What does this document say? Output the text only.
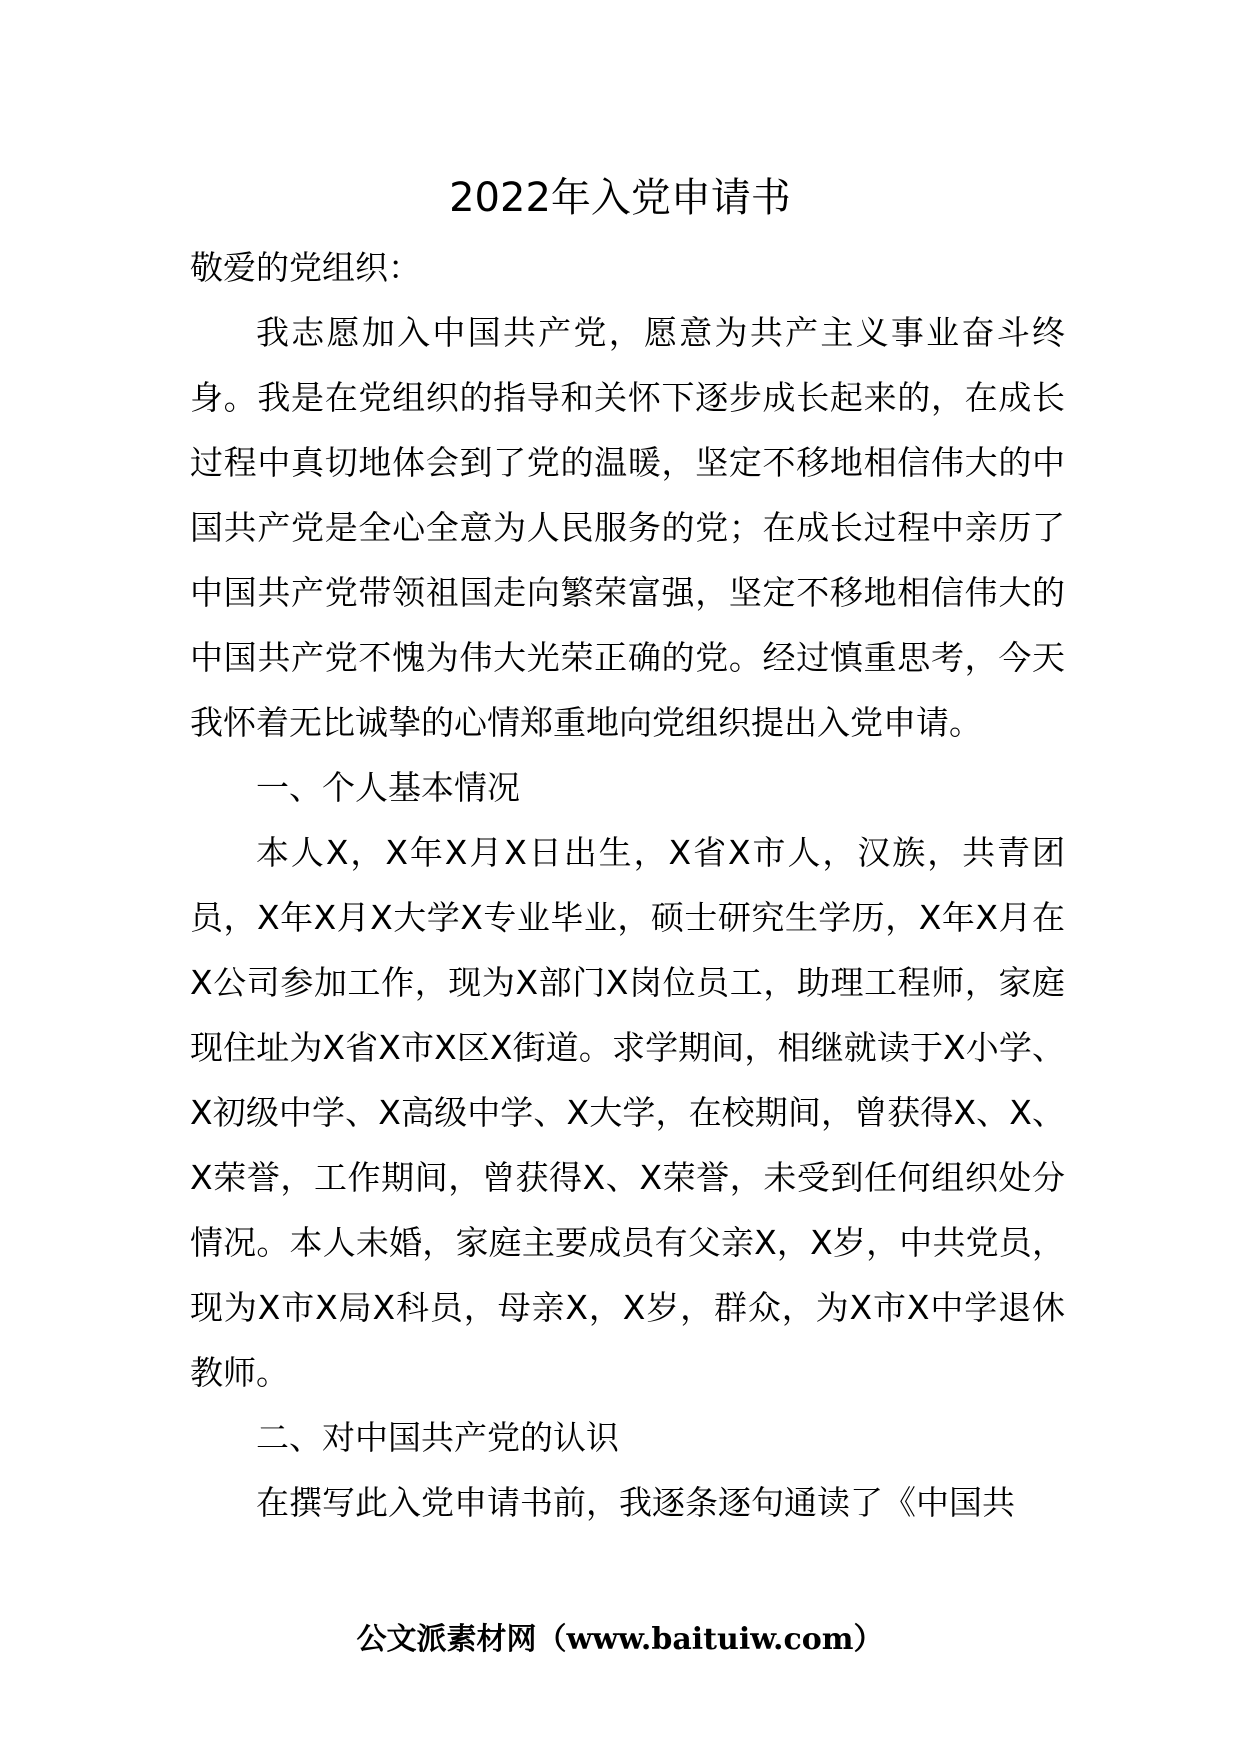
2022年入党申请书

敬爱的党组织：

我志愿加入中国共产党，愿意为共产主义事业奋斗终身。我是在党组织的指导和关怀下逐步成长起来的，在成长过程中真切地体会到了党的温暖，坚定不移地相信伟大的中国共产党是全心全意为人民服务的党；在成长过程中亲历了中国共产党带领祖国走向繁荣富强，坚定不移地相信伟大的中国共产党不愧为伟大光荣正确的党。经过慎重思考，今天我怀着无比诚挚的心情郑重地向党组织提出入党申请。

一、个人基本情况

本人X，X年X月X日出生，X省X市人，汉族，共青团员，X年X月X大学X专业毕业，硕士研究生学历，X年X月在X公司参加工作，现为X部门X岗位员工，助理工程师，家庭现住址为X省X市X区X街道。求学期间，相继就读于X小学、X初级中学、X高级中学、X大学，在校期间，曾获得X、X、X荣誉，工作期间，曾获得X、X荣誉，未受到任何组织处分情况。本人未婚，家庭主要成员有父亲X，X岁，中共党员，现为X市X局X科员，母亲X，X岁，群众，为X市X中学退休教师。

二、对中国共产党的认识

在撰写此入党申请书前，我逐条逐句通读了《中国共

公文派素材网（www.baituiw.com）
